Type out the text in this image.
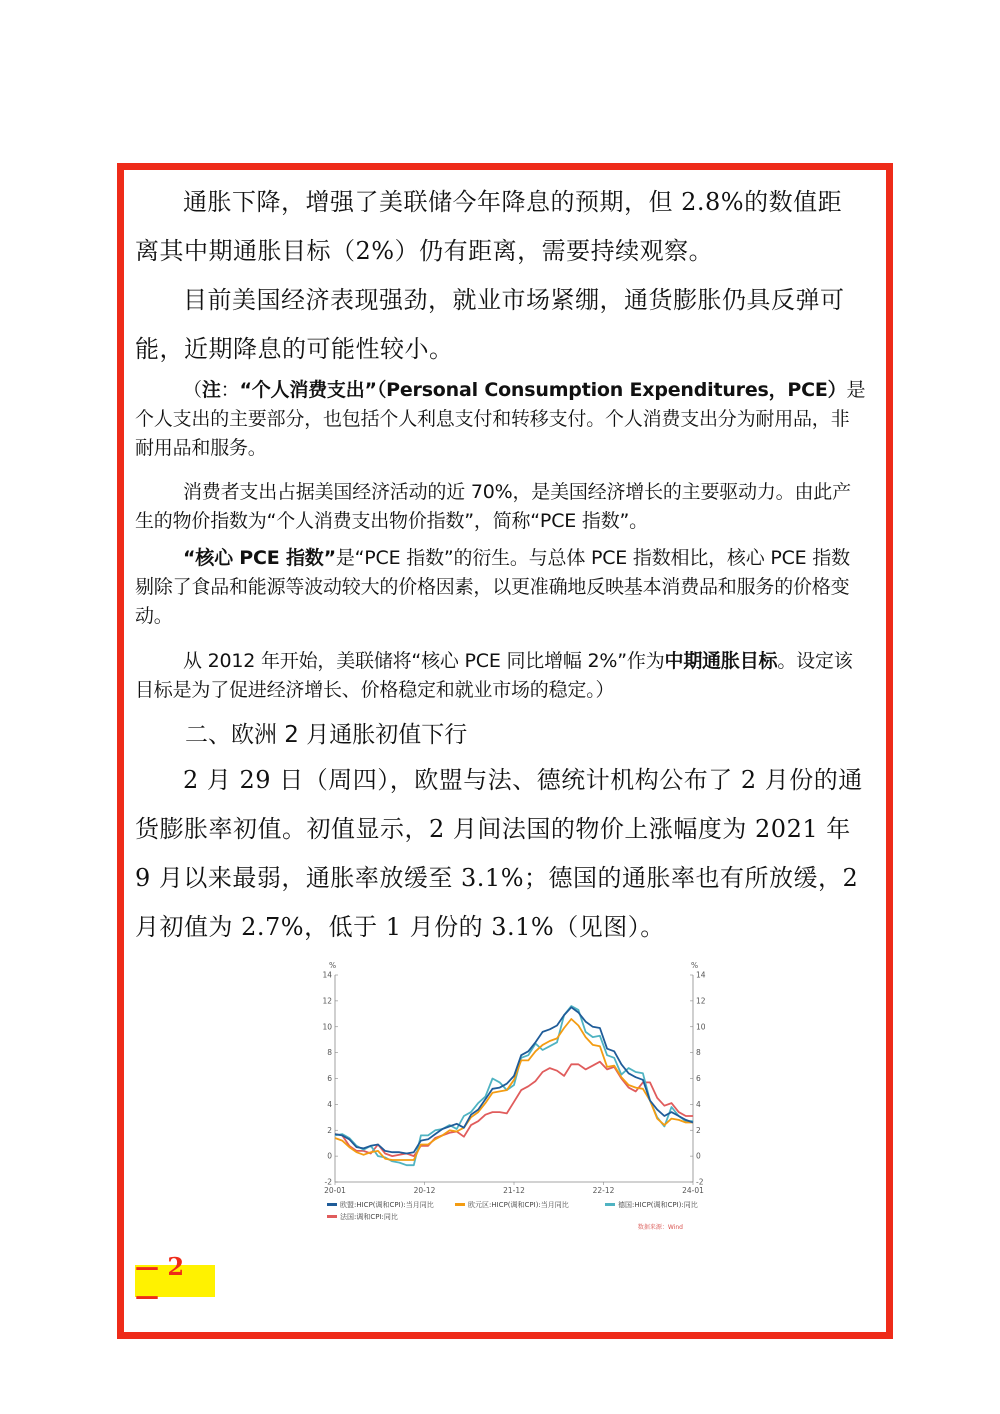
通胀下降，增强了美联储今年降息的预期，但 2.8%的数值距离其中期通胀目标（2%）仍有距离，需要持续观察。

目前美国经济表现强劲，就业市场紧绷，通货膨胀仍具反弹可能，近期降息的可能性较小。

（注：“个人消费支出”（Personal Consumption Expenditures，PCE）是个人支出的主要部分，也包括个人利息支付和转移支付。个人消费支出分为耐用品，非耐用品和服务。

消费者支出占据美国经济活动的近 70%，是美国经济增长的主要驱动力。由此产生的物价指数为“个人消费支出物价指数”，简称“PCE 指数”。

“核心 PCE 指数”是“PCE 指数”的衍生。与总体 PCE 指数相比，核心 PCE 指数剔除了食品和能源等波动较大的价格因素，以更准确地反映基本消费品和服务的价格变动。

从 2012 年开始，美联储将“核心 PCE 同比增幅 2%”作为中期通胀目标。设定该目标是为了促进经济增长、价格稳定和就业市场的稳定。）

二、欧洲 2 月通胀初值下行

2 月 29 日（周四），欧盟与法、德统计机构公布了 2 月份的通货膨胀率初值。初值显示，2 月间法国的物价上涨幅度为 2021 年 9 月以来最弱，通胀率放缓至 3.1%；德国的通胀率也有所放缓，2 月初值为 2.7%，低于 1 月份的 3.1%（见图）。

%	%
-2	-2
0	0
2	2
4	4
6	6
8	8
10	10
12	12
14	14
20-01	20-12	21-12	22-12	24-01
欧盟:HICP(调和CPI):当月同比	欧元区:HICP(调和CPI):当月同比	德国:HICP(调和CPI):同比
法国:调和CPI:同比
数据来源：Wind
— 2 —
